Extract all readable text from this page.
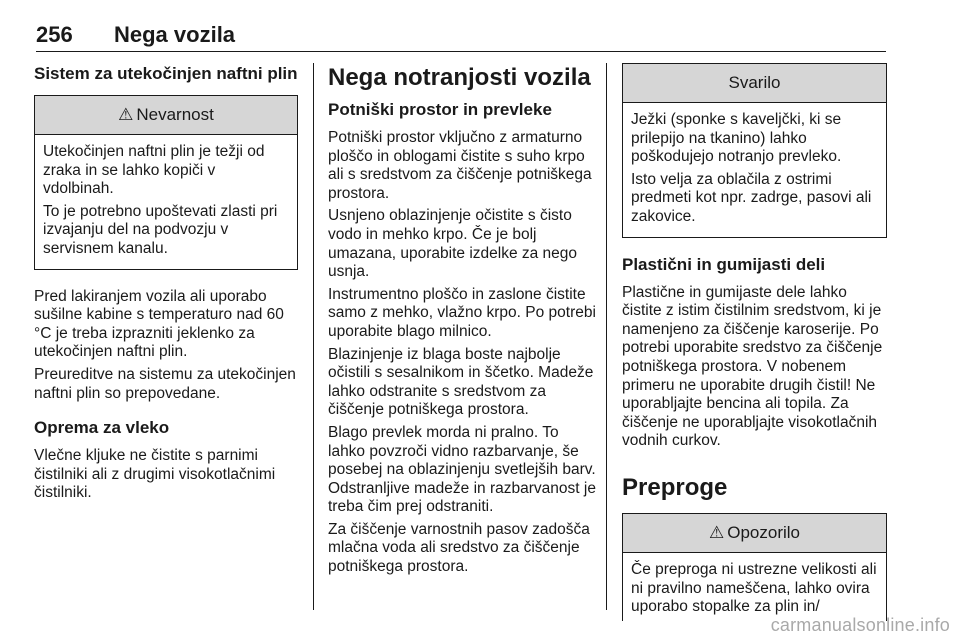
256 Nega vozila
Sistem za utekočinjen naftni plin
⚠ Nevarnost

Utekočinjen naftni plin je težji od zraka in se lahko kopiči v vdolbinah.

To je potrebno upoštevati zlasti pri izvajanju del na podvozju v servisnem kanalu.

Pred lakiranjem vozila ali uporabo sušilne kabine s temperaturo nad 60 °C je treba izprazniti jeklenko za utekočinjen naftni plin.

Preureditve na sistemu za utekočinjen naftni plin so prepovedane.

Oprema za vleko

Vlečne kljuke ne čistite s parnimi čistilniki ali z drugimi visokotlačnimi čistilniki.

Nega notranjosti vozila
Potniški prostor in prevleke

Potniški prostor vključno z armaturno ploščo in oblogami čistite s suho krpo ali s sredstvom za čiščenje potniškega prostora.

Usnjeno oblazinjenje očistite s čisto vodo in mehko krpo. Če je bolj umazana, uporabite izdelke za nego usnja.

Instrumentno ploščo in zaslone čistite samo z mehko, vlažno krpo. Po potrebi uporabite blago milnico.

Blazinjenje iz blaga boste najbolje očistili s sesalnikom in ščetko. Madeže lahko odstranite s sredstvom za čiščenje potniškega prostora.

Blago prevlek morda ni pralno. To lahko povzroči vidno razbarvanje, še posebej na oblazinjenju svetlejših barv. Odstranljive madeže in razbarvanost je treba čim prej odstraniti.

Za čiščenje varnostnih pasov zadošča mlačna voda ali sredstvo za čiščenje potniškega prostora.

Svarilo

Ježki (sponke s kaveljčki, ki se prilepijo na tkanino) lahko poškodujejo notranjo prevleko.

Isto velja za oblačila z ostrimi predmeti kot npr. zadrge, pasovi ali zakovice.

Plastični in gumijasti deli

Plastične in gumijaste dele lahko čistite z istim čistilnim sredstvom, ki je namenjeno za čiščenje karoserije. Po potrebi uporabite sredstvo za čiščenje potniškega prostora. V nobenem primeru ne uporabite drugih čistil! Ne uporabljajte bencina ali topila. Za čiščenje ne uporabljajte visokotlačnih vodnih curkov.

Preproge
⚠ Opozorilo

Če preproga ni ustrezne velikosti ali ni pravilno nameščena, lahko ovira uporabo stopalke za plin in/

carmanualsonline.info
